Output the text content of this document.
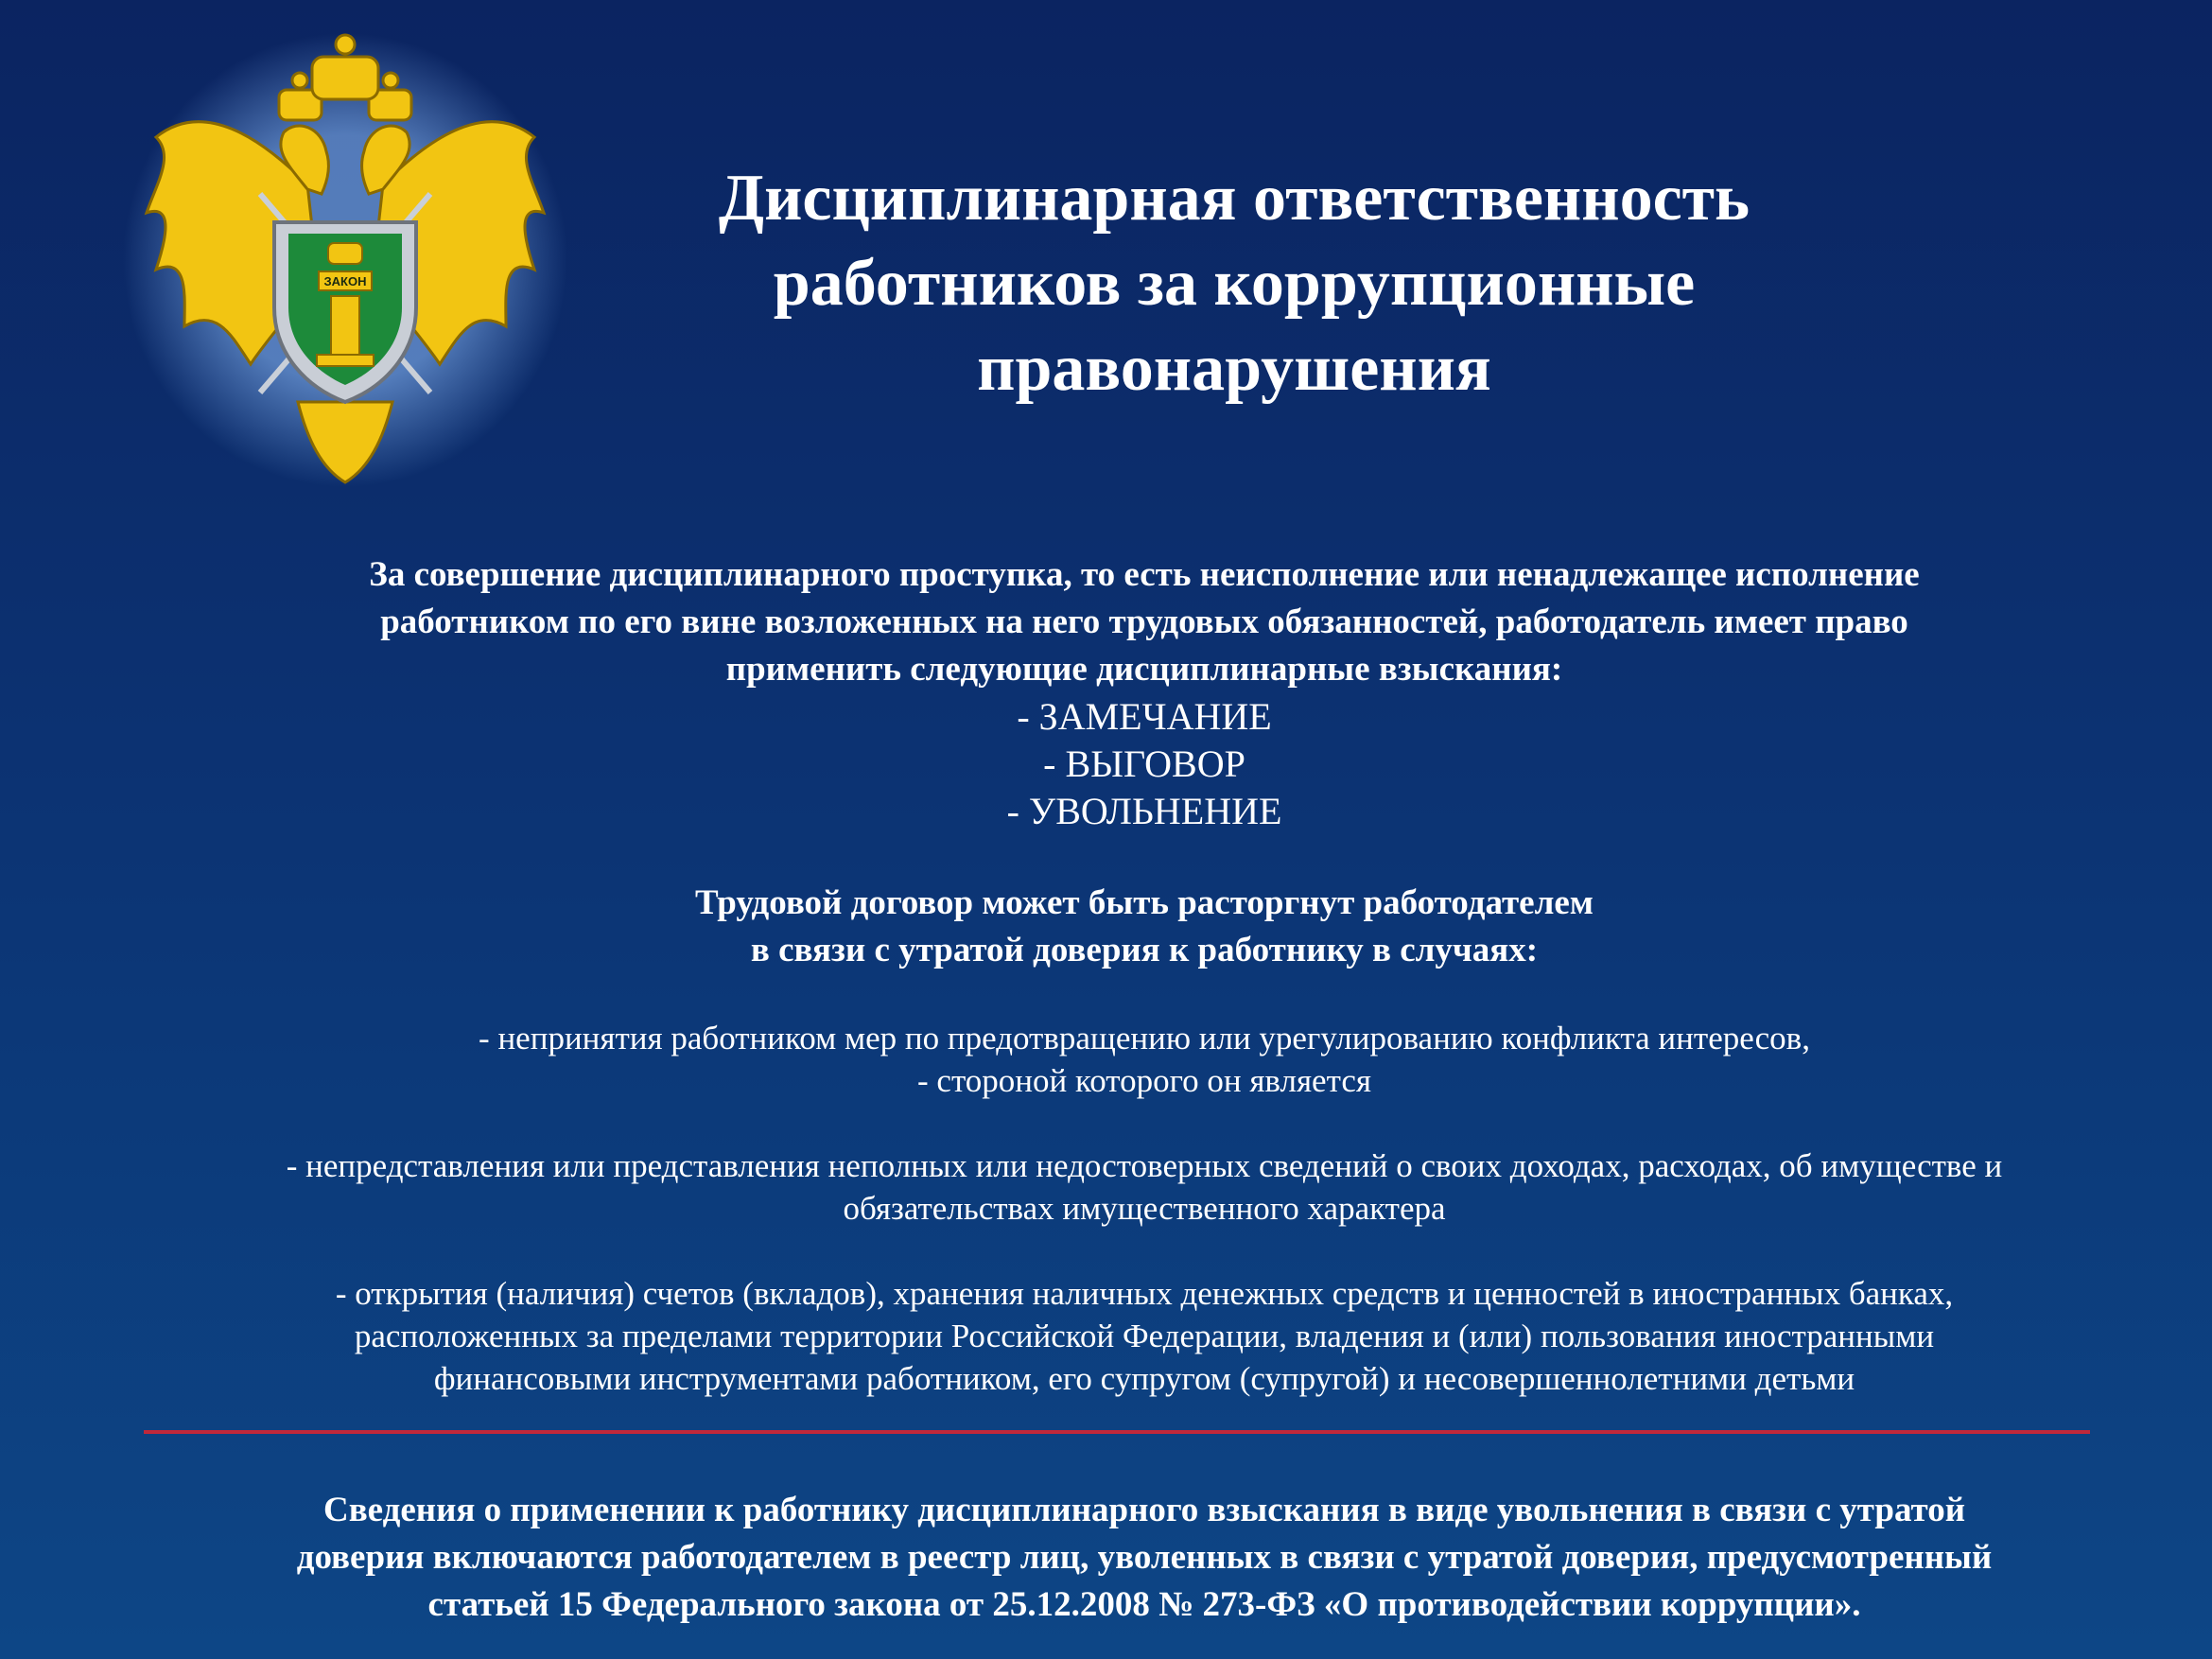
ЗАКОН
Дисциплинарная ответственность
работников за коррупционные
правонарушения
За совершение дисциплинарного проступка, то есть неисполнение или ненадлежащее исполнение
работником по его вине возложенных на него трудовых обязанностей, работодатель имеет право
применить следующие дисциплинарные взыскания:
- ЗАМЕЧАНИЕ
- ВЫГОВОР
- УВОЛЬНЕНИЕ
Трудовой договор может быть расторгнут работодателем
в связи с утратой доверия к работнику в случаях:
- непринятия работником мер по предотвращению или урегулированию конфликта интересов,
- стороной которого он является
- непредставления или представления неполных или недостоверных сведений о своих доходах, расходах, об имуществе и
обязательствах имущественного характера
- открытия (наличия) счетов (вкладов), хранения наличных денежных средств и ценностей в иностранных банках,
расположенных за пределами территории Российской Федерации, владения и (или) пользования иностранными
финансовыми инструментами работником, его супругом (супругой) и несовершеннолетними детьми
Сведения о применении к работнику дисциплинарного взыскания в виде увольнения в связи с утратой
доверия включаются работодателем в реестр лиц, уволенных в связи с утратой доверия, предусмотренный
статьей 15 Федерального закона от 25.12.2008 № 273-ФЗ «О противодействии коррупции».
